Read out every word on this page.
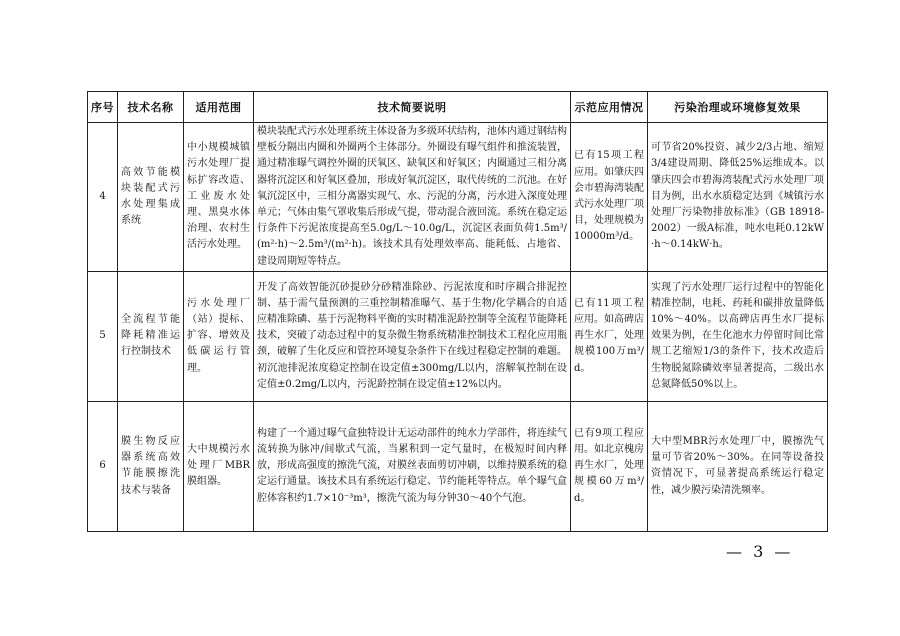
序号	技术名称	适用范围	技术简要说明	示范应用情况	污染治理或环境修复效果

4	高效节能模块装配式污水处理集成系统	中小规模城镇污水处理厂提标扩容改造、工业废水处理、黑臭水体治理、农村生活污水处理。	模块装配式污水处理系统主体设备为多级环状结构，池体内通过钢结构壁板分隔出内圈和外圈两个主体部分。外圈设有曝气组件和推流装置，通过精准曝气调控外圈的厌氧区、缺氧区和好氧区；内圈通过三相分离器将沉淀区和好氧区叠加，形成好氧沉淀区，取代传统的二沉池。在好氧沉淀区中，三相分离器实现气、水、污泥的分离，污水进入深度处理单元；气体由集气罩收集后形成气提，带动混合液回流。系统在稳定运行条件下污泥浓度提高至5.0g/L～10.0g/L，沉淀区表面负荷1.5m³/(m²·h)～2.5m³/(m²·h)。该技术具有处理效率高、能耗低、占地省、建设周期短等特点。	已有15项工程应用。如肇庆四会市碧海湾装配式污水处理厂项目，处理规模为10000m³/d。	可节省20%投资、减少2/3占地、缩短3/4建设周期、降低25%运维成本。以肇庆四会市碧海湾装配式污水处理厂项目为例，出水水质稳定达到《城镇污水处理厂污染物排放标准》（GB 18918-2002）一级A标准，吨水电耗0.12kW·h～0.14kW·h。

5	全流程节能降耗精准运行控制技术	污水处理厂（站）提标、扩容、增效及低碳运行管理。	开发了高效智能沉砂提砂分砂精准除砂、污泥浓度和时序耦合排泥控制、基于需气量预测的三重控制精准曝气、基于生物/化学耦合的自适应精准除磷、基于污泥物料平衡的实时精准泥龄控制等全流程节能降耗技术，突破了动态过程中的复杂微生物系统精准控制技术工程化应用瓶颈，破解了生化反应和管控环境复杂条件下在线过程稳定控制的难题。初沉池排泥浓度稳定控制在设定值±300mg/L以内，溶解氧控制在设定值±0.2mg/L以内，污泥龄控制在设定值±12%以内。	已有11项工程应用。如高碑店再生水厂，处理规模100万m³/d。	实现了污水处理厂运行过程中的智能化精准控制，电耗、药耗和碳排放量降低10%～40%。以高碑店再生水厂提标效果为例，在生化池水力停留时间比常规工艺缩短1/3的条件下，技术改造后生物脱氮除磷效率显著提高，二级出水总氮降低50%以上。

6	膜生物反应器系统高效节能膜擦洗技术与装备	大中规模污水处理厂MBR膜组器。	构建了一个通过曝气盒独特设计无运动部件的纯水力学部件，将连续气流转换为脉冲/间歇式气流，当累积到一定气量时，在极短时间内释放，形成高强度的擦洗气流，对膜丝表面剪切冲刷，以维持膜系统的稳定运行通量。该技术具有系统运行稳定、节约能耗等特点。单个曝气盒腔体容积约1.7×10⁻³m³，擦洗气流为每分钟30～40个气泡。	已有9项工程应用。如北京槐房再生水厂，处理规模60万m³/d。	大中型MBR污水处理厂中，膜擦洗气量可节省20%～30%。在同等设备投资情况下，可显著提高系统运行稳定性，减少膜污染清洗频率。
— 3 —
